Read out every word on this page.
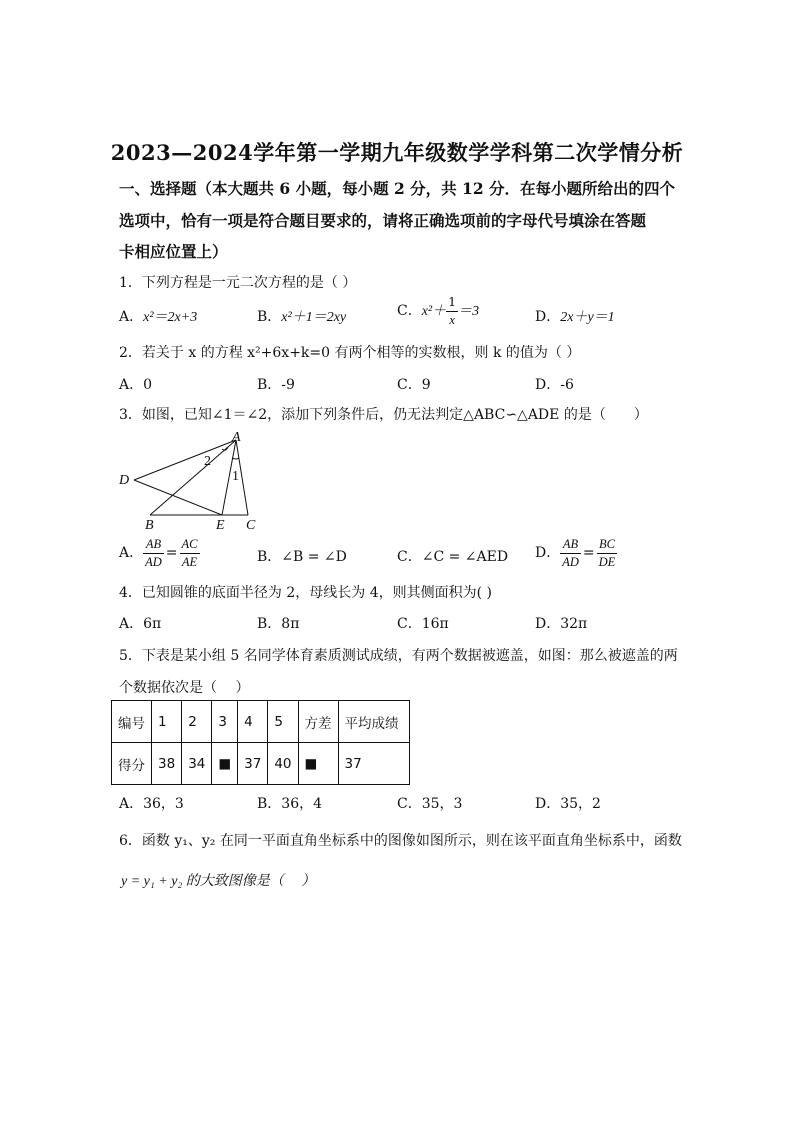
2023—2024学年第一学期九年级数学学科第二次学情分析
一、选择题（本大题共 6 小题，每小题 2 分，共 12 分．在每小题所给出的四个
选项中，恰有一项是符合题目要求的，请将正确选项前的字母代号填涂在答题
卡相应位置上）
1．下列方程是一元二次方程的是（ ）
A．x²＝2x+3	B．x²＋1＝2xy	C．$x^2+ \frac{1}{x} =3$	D．2x＋y＝1
2．若关于 x 的方程 x²+6x+k=0 有两个相等的实数根，则 k 的值为（ ）
A．0	B．-9	C．9	D．-6
3．如图，已知∠1＝∠2，添加下列条件后，仍无法判定△ABC∽△ADE 的是（　　）
A
D
B	E C
2
1
A． $\frac{AB}{AD} = \frac{AC}{AE}$	B．∠B = ∠D	C．∠C = ∠AED D． $\frac{AB}{AD} = \frac{BC}{DE}$
4．已知圆锥的底面半径为 2，母线长为 4，则其侧面积为( )
A．6π	B．8π	C．16π	D．32π
5．下表是某小组 5 名同学体育素质测试成绩，有两个数据被遮盖，如图：那么被遮盖的两
个数据依次是（　 ）
编号	1	2	3	4	5	方差	平均成绩
得分	38	34	■	37	40	■	37
A．36，3	B．36，4	C．35，3	D．35，2
6．函数 y₁、y₂ 在同一平面直角坐标系中的图像如图所示，则在该平面直角坐标系中，函数
y = y₁ + y₂ 的大致图像是（　 ）
